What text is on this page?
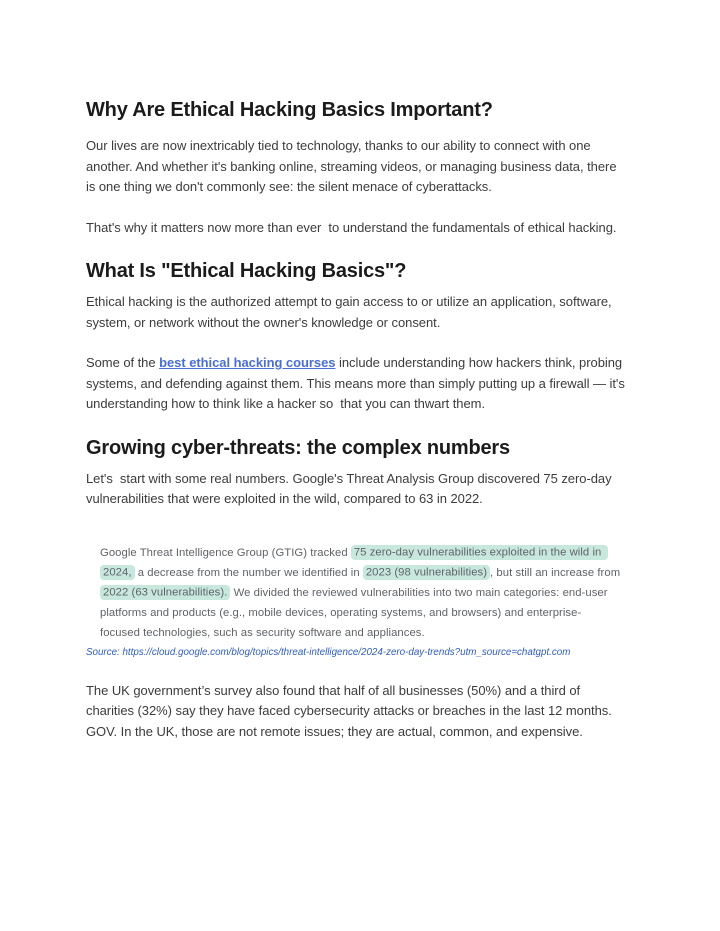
Why Are Ethical Hacking Basics Important?

Our lives are now inextricably tied to technology, thanks to our ability to connect with one another. And whether it's banking online, streaming videos, or managing business data, there is one thing we don't commonly see: the silent menace of cyberattacks.

That's why it matters now more than ever  to understand the fundamentals of ethical hacking.

What Is "Ethical Hacking Basics"?

Ethical hacking is the authorized attempt to gain access to or utilize an application, software, system, or network without the owner's knowledge or consent.

Some of the best ethical hacking courses include understanding how hackers think, probing systems, and defending against them. This means more than simply putting up a firewall — it's understanding how to think like a hacker so  that you can thwart them.

Growing cyber-threats: the complex numbers

Let's  start with some real numbers. Google's Threat Analysis Group discovered 75 zero-day vulnerabilities that were exploited in the wild, compared to 63 in 2022.

Google Threat Intelligence Group (GTIG) tracked 75 zero-day vulnerabilities exploited in the wild in 2024, a decrease from the number we identified in 2023 (98 vulnerabilities) , but still an increase from 2022 (63 vulnerabilities). We divided the reviewed vulnerabilities into two main categories: end-user platforms and products (e.g., mobile devices, operating systems, and browsers) and enterprise-focused technologies, such as security software and appliances.
Source: https://cloud.google.com/blog/topics/threat-intelligence/2024-zero-day-trends?utm_source=chatgpt.com

The UK government’s survey also found that half of all businesses (50%) and a third of charities (32%) say they have faced cybersecurity attacks or breaches in the last 12 months. GOV. In the UK, those are not remote issues; they are actual, common, and expensive.
